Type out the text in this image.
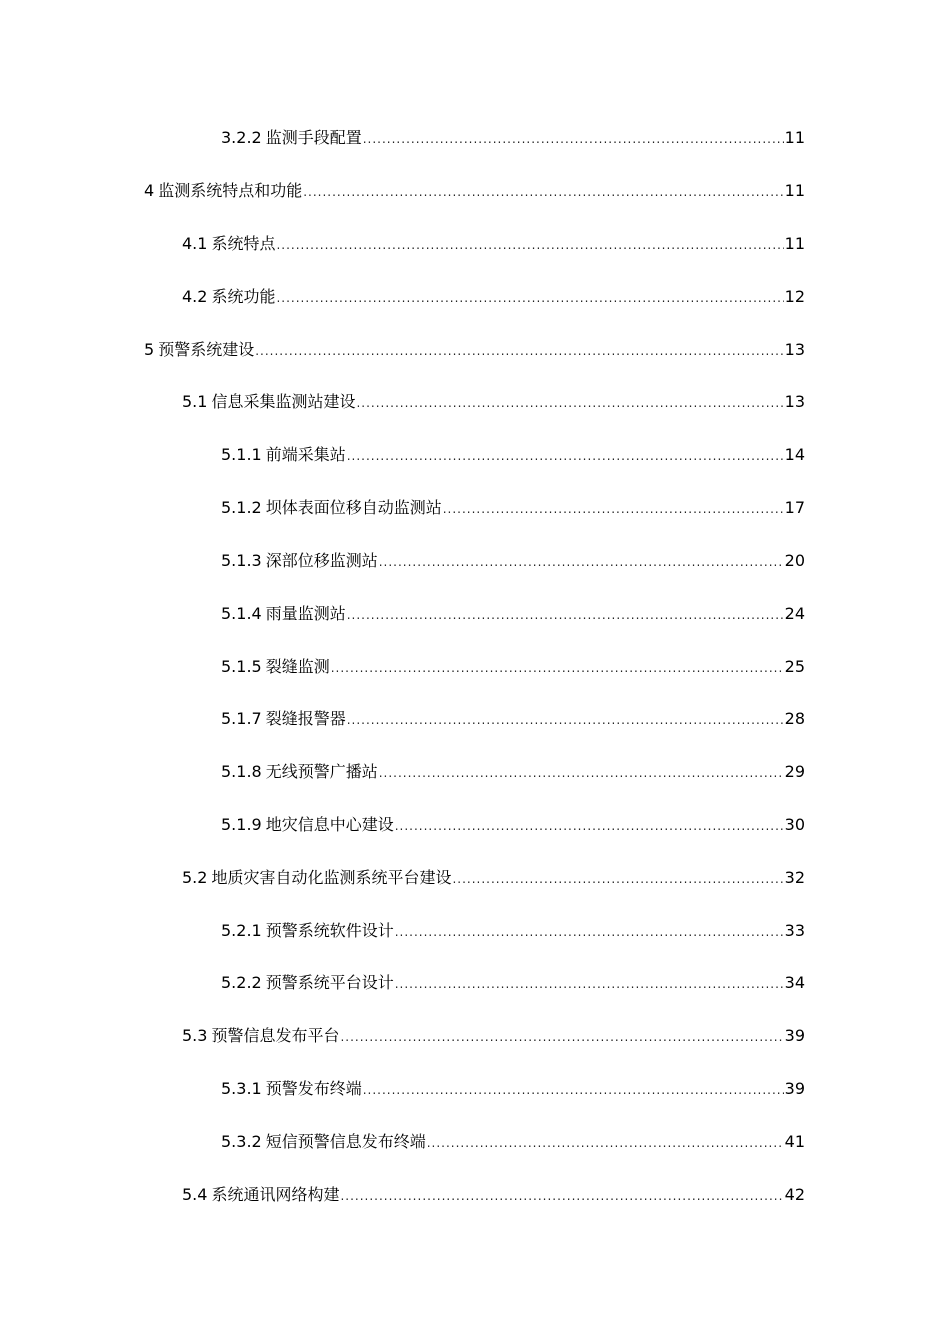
3.2.2 监测手段配置 .....	11
4 监测系统特点和功能 .....	11
4.1 系统特点 .....	11
4.2 系统功能 .....	12
5 预警系统建设 .....	13
5.1 信息采集监测站建设 .....	13
5.1.1 前端采集站 .....	14
5.1.2 坝体表面位移自动监测站 .....	17
5.1.3 深部位移监测站 .....	20
5.1.4 雨量监测站 .....	24
5.1.5 裂缝监测 .....	25
5.1.7 裂缝报警器 .....	28
5.1.8 无线预警广播站 .....	29
5.1.9 地灾信息中心建设 .....	30
5.2 地质灾害自动化监测系统平台建设 .....	32
5.2.1 预警系统软件设计 .....	33
5.2.2 预警系统平台设计 .....	34
5.3 预警信息发布平台 .....	39
5.3.1 预警发布终端 .....	39
5.3.2 短信预警信息发布终端 .....	41
5.4 系统通讯网络构建 .....	42
